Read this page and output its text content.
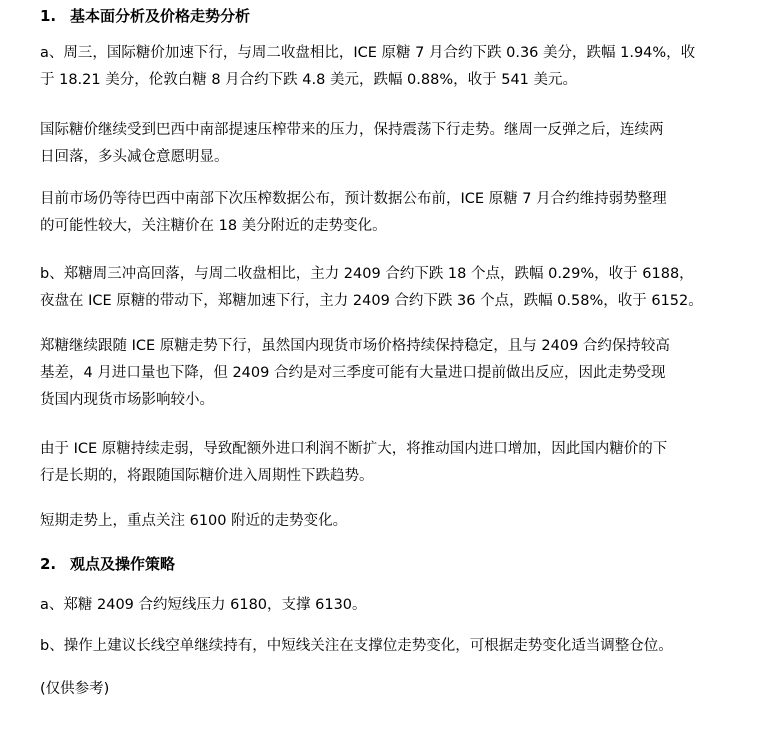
1. 基本面分析及价格走势分析

a、周三，国际糖价加速下行，与周二收盘相比，ICE 原糖 7 月合约下跌 0.36 美分，跌幅 1.94%，收
于 18.21 美分，伦敦白糖 8 月合约下跌 4.8 美元，跌幅 0.88%，收于 541 美元。

国际糖价继续受到巴西中南部提速压榨带来的压力，保持震荡下行走势。继周一反弹之后，连续两
日回落，多头减仓意愿明显。

目前市场仍等待巴西中南部下次压榨数据公布，预计数据公布前，ICE 原糖 7 月合约维持弱势整理
的可能性较大，关注糖价在 18 美分附近的走势变化。

b、郑糖周三冲高回落，与周二收盘相比，主力 2409 合约下跌 18 个点，跌幅 0.29%，收于 6188，
夜盘在 ICE 原糖的带动下，郑糖加速下行，主力 2409 合约下跌 36 个点，跌幅 0.58%，收于 6152。

郑糖继续跟随 ICE 原糖走势下行，虽然国内现货市场价格持续保持稳定，且与 2409 合约保持较高
基差，4 月进口量也下降，但 2409 合约是对三季度可能有大量进口提前做出反应，因此走势受现
货国内现货市场影响较小。

由于 ICE 原糖持续走弱，导致配额外进口利润不断扩大，将推动国内进口增加，因此国内糖价的下
行是长期的，将跟随国际糖价进入周期性下跌趋势。

短期走势上，重点关注 6100 附近的走势变化。

2. 观点及操作策略

a、郑糖 2409 合约短线压力 6180，支撑 6130。

b、操作上建议长线空单继续持有，中短线关注在支撑位走势变化，可根据走势变化适当调整仓位。

(仅供参考)
